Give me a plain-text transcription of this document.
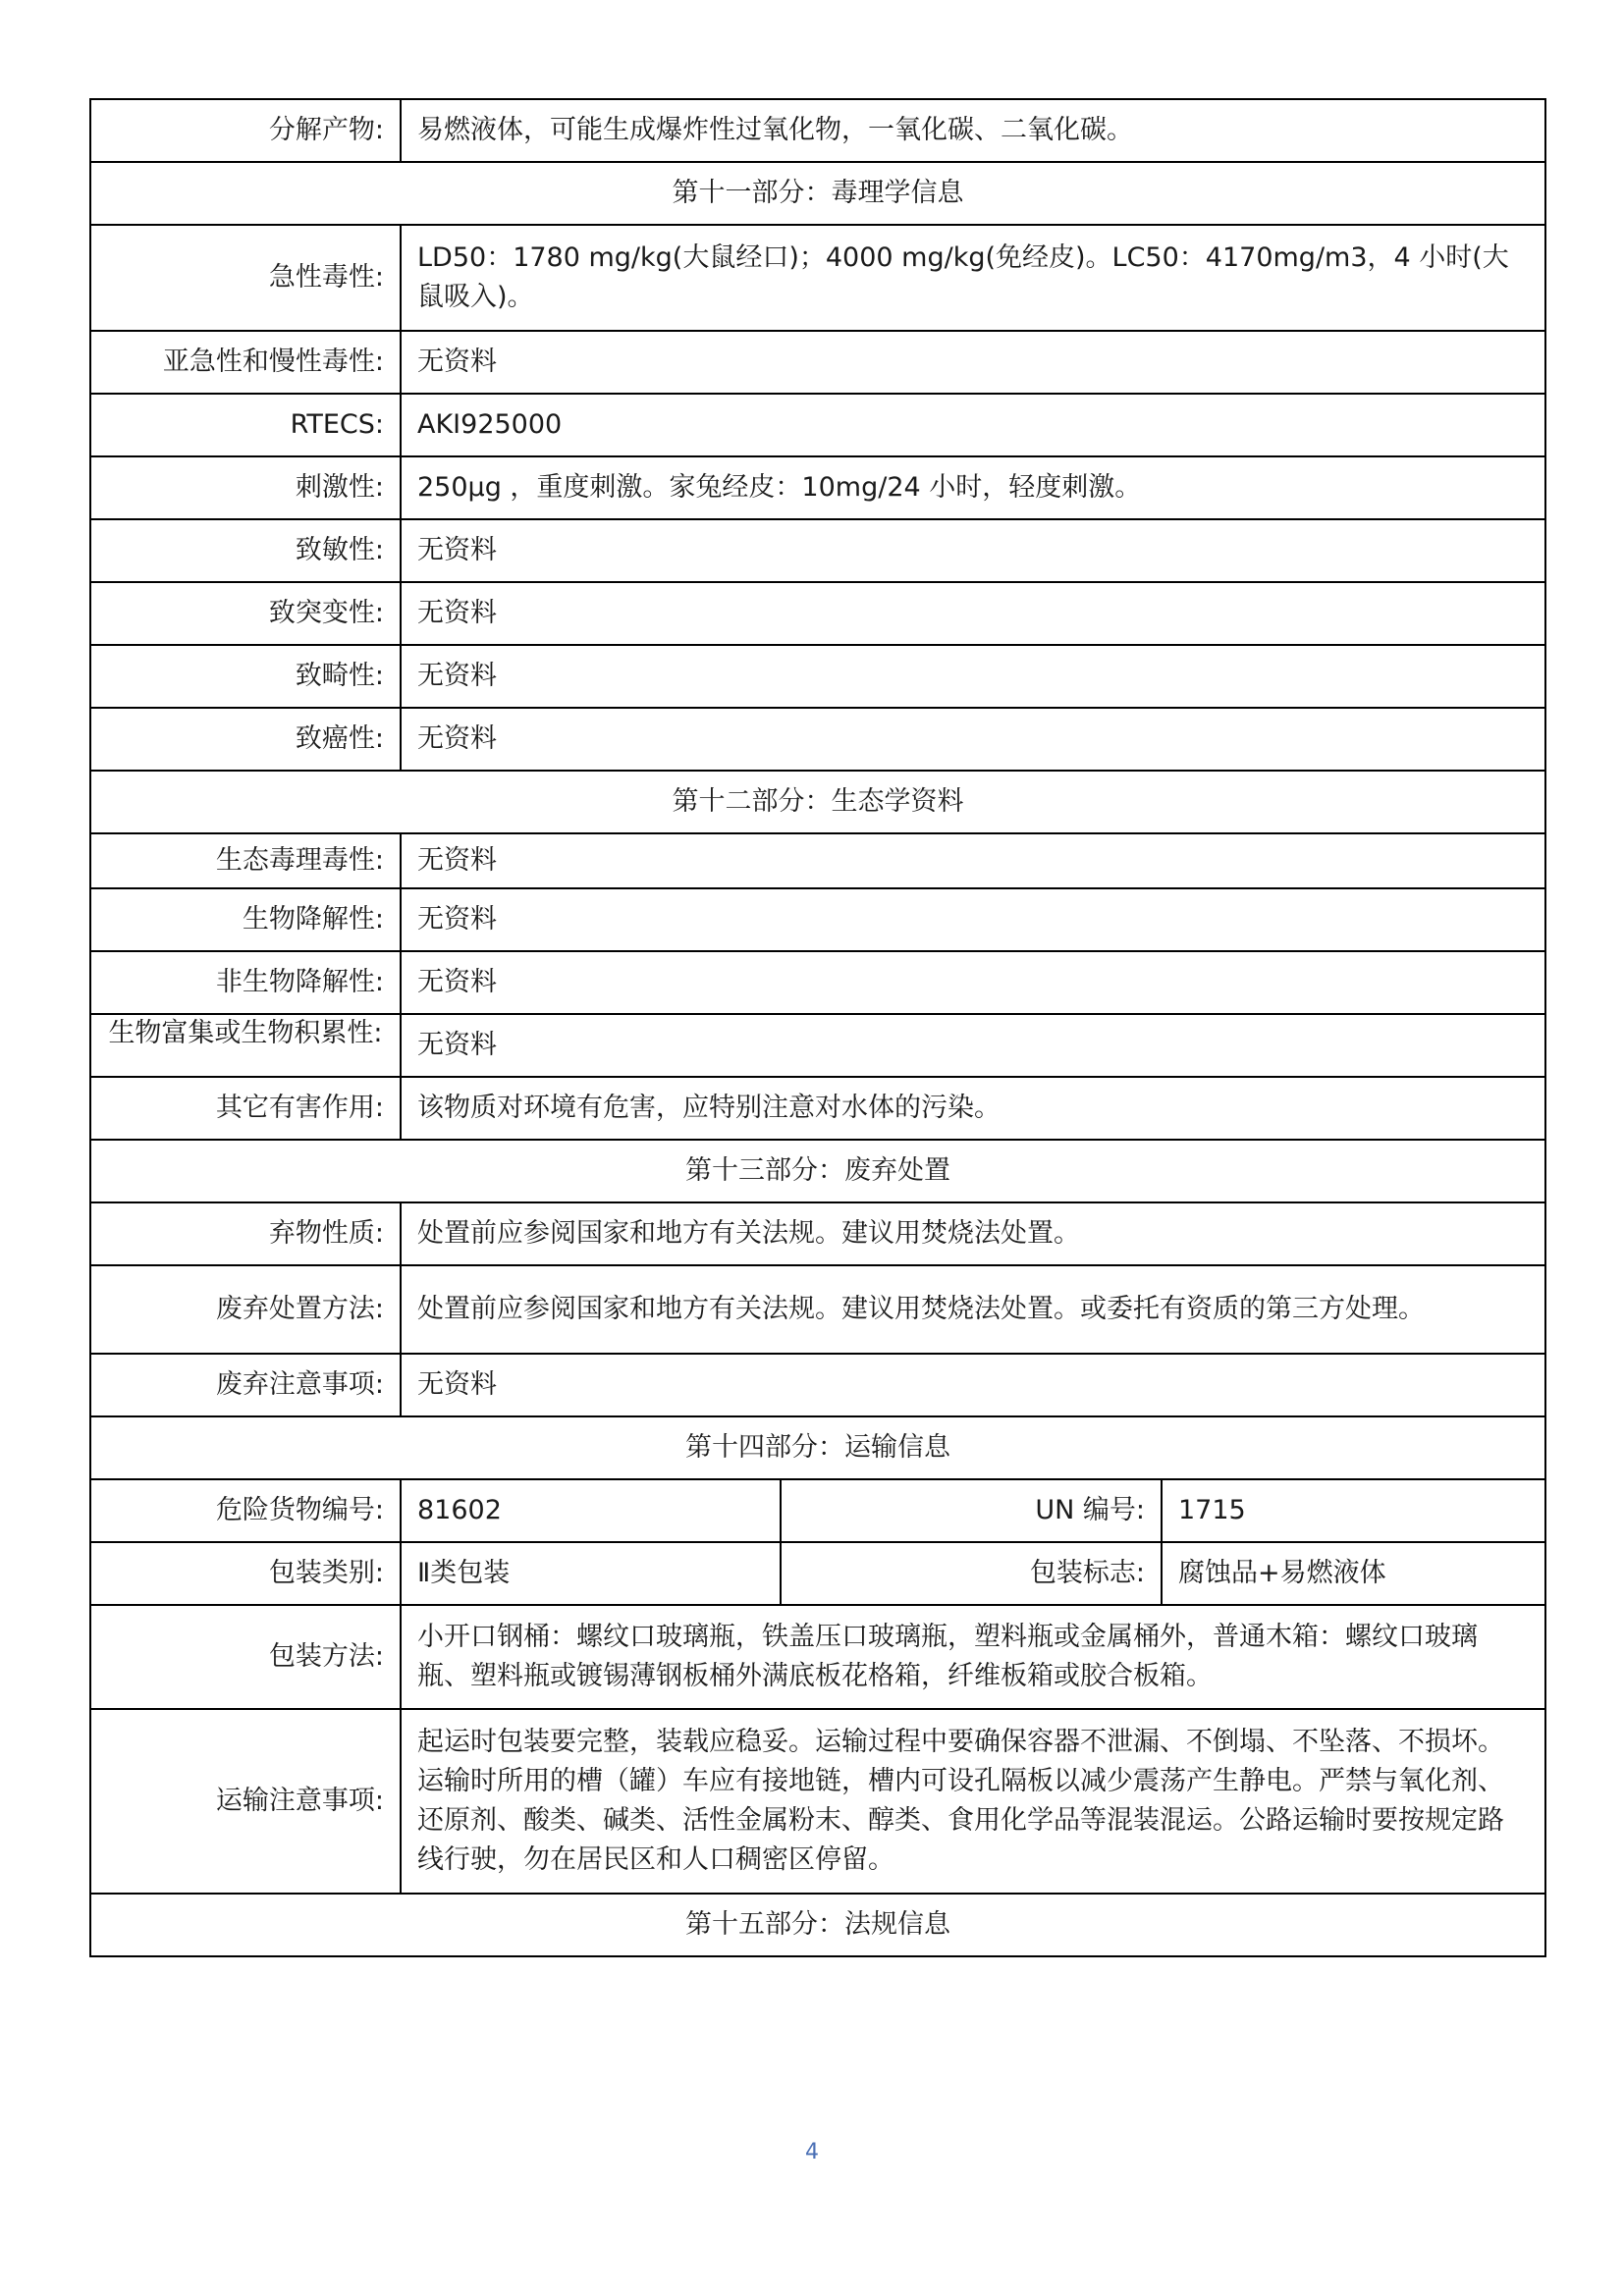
分解产物:	易燃液体，可能生成爆炸性过氧化物，一氧化碳、二氧化碳。		
第十一部分：毒理学信息			
急性毒性:	LD50：1780 mg/kg(大鼠经口)；4000 mg/kg(免经皮)。LC50：4170mg/m3，4 小时(大鼠吸入)。		
亚急性和慢性毒性:	无资料		
RTECS:	AKI925000		
刺激性:	250μg ，重度刺激。家兔经皮：10mg/24 小时，轻度刺激。		
致敏性:	无资料		
致突变性:	无资料		
致畸性:	无资料		
致癌性:	无资料		
第十二部分：生态学资料			
生态毒理毒性:	无资料		
生物降解性:	无资料		
非生物降解性:	无资料		

生物富集或生物积累性:	无资料		
其它有害作用:	该物质对环境有危害，应特别注意对水体的污染。		
第十三部分：废弃处置			
弃物性质:	处置前应参阅国家和地方有关法规。建议用焚烧法处置。		
废弃处置方法:	处置前应参阅国家和地方有关法规。建议用焚烧法处置。或委托有资质的第三方处理。		
废弃注意事项:	无资料		
第十四部分：运输信息			
危险货物编号:	81602	UN 编号:	1715
包装类别:	Ⅱ类包装	包装标志:	腐蚀品+易燃液体
包装方法:	小开口钢桶：螺纹口玻璃瓶，铁盖压口玻璃瓶，塑料瓶或金属桶外，普通木箱：螺纹口玻璃瓶、塑料瓶或镀锡薄钢板桶外满底板花格箱，纤维板箱或胶合板箱。		
运输注意事项:	起运时包装要完整，装载应稳妥。运输过程中要确保容器不泄漏、不倒塌、不坠落、不损坏。运输时所用的槽（罐）车应有接地链，槽内可设孔隔板以减少震荡产生静电。严禁与氧化剂、还原剂、酸类、碱类、活性金属粉末、醇类、食用化学品等混装混运。公路运输时要按规定路线行驶，勿在居民区和人口稠密区停留。		
第十五部分：法规信息			
4
